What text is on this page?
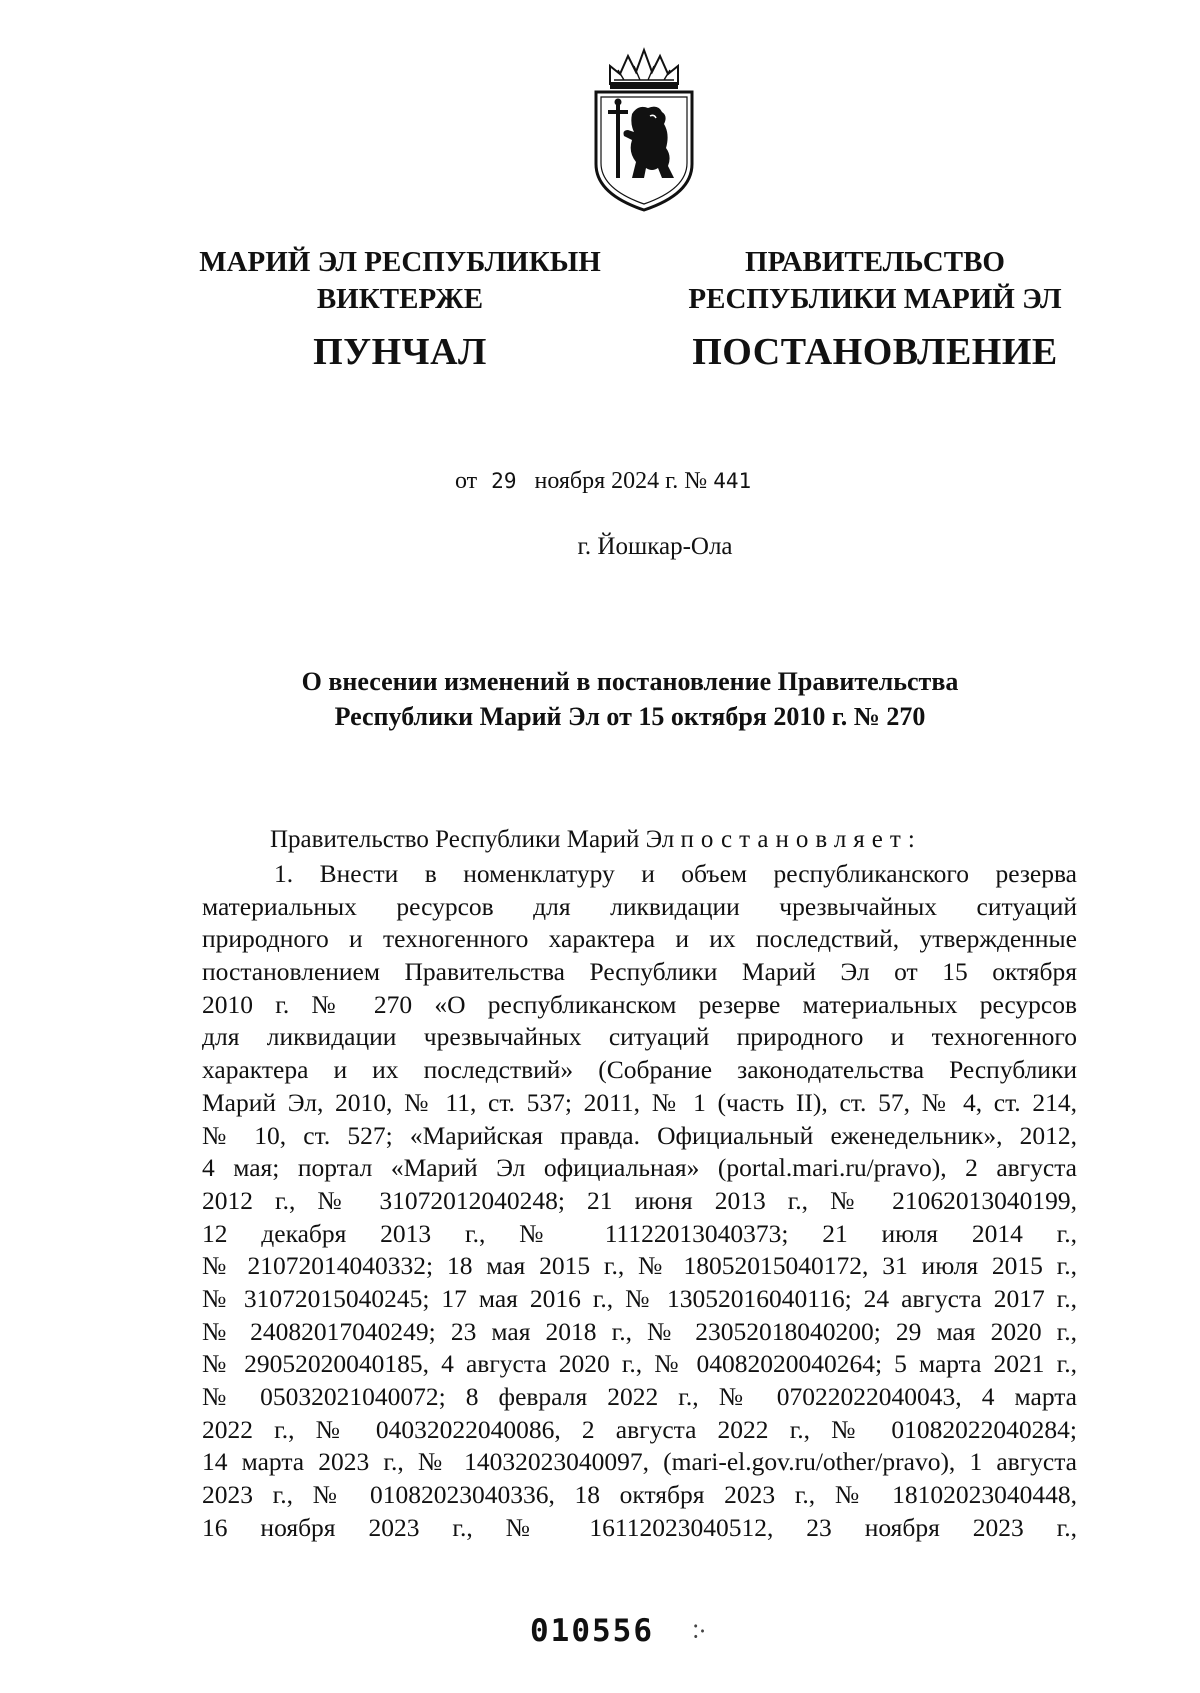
МАРИЙ ЭЛ РЕСПУБЛИКЫН
ВИКТЕРЖЕ
ПУНЧАЛ
ПРАВИТЕЛЬСТВО
РЕСПУБЛИКИ МАРИЙ ЭЛ
ПОСТАНОВЛЕНИЕ
от 29 ноября 2024 г. № 441
г. Йошкар-Ола
О внесении изменений в постановление Правительства
Республики Марий Эл от 15 октября 2010 г. № 270
Правительство Республики Марий Эл постановляет:
1. Внести в номенклатуру и объем республиканского резерва
материальных ресурсов для ликвидации чрезвычайных ситуаций
природного и техногенного характера и их последствий, утвержденные
постановлением Правительства Республики Марий Эл от 15 октября
2010 г. № 270 «О республиканском резерве материальных ресурсов
для ликвидации чрезвычайных ситуаций природного и техногенного
характера и их последствий» (Собрание законодательства Республики
Марий Эл, 2010, № 11, ст. 537; 2011, № 1 (часть II), ст. 57, № 4, ст. 214,
№ 10, ст. 527; «Марийская правда. Официальный еженедельник», 2012,
4 мая; портал «Марий Эл официальная» (portal.mari.ru/pravo), 2 августа
2012 г., № 31072012040248; 21 июня 2013 г., № 21062013040199,
12 декабря 2013 г., № 11122013040373; 21 июля 2014 г.,
№ 21072014040332; 18 мая 2015 г., № 18052015040172, 31 июля 2015 г.,
№ 31072015040245; 17 мая 2016 г., № 13052016040116; 24 августа 2017 г.,
№ 24082017040249; 23 мая 2018 г., № 23052018040200; 29 мая 2020 г.,
№ 29052020040185, 4 августа 2020 г., № 04082020040264; 5 марта 2021 г.,
№ 05032021040072; 8 февраля 2022 г., № 07022022040043, 4 марта
2022 г., № 04032022040086, 2 августа 2022 г., № 01082022040284;
14 марта 2023 г., № 14032023040097, (mari-el.gov.ru/other/pravo), 1 августа
2023 г., № 01082023040336, 18 октября 2023 г., № 18102023040448,
16 ноября 2023 г., № 16112023040512, 23 ноября 2023 г.,
010556 ჻
